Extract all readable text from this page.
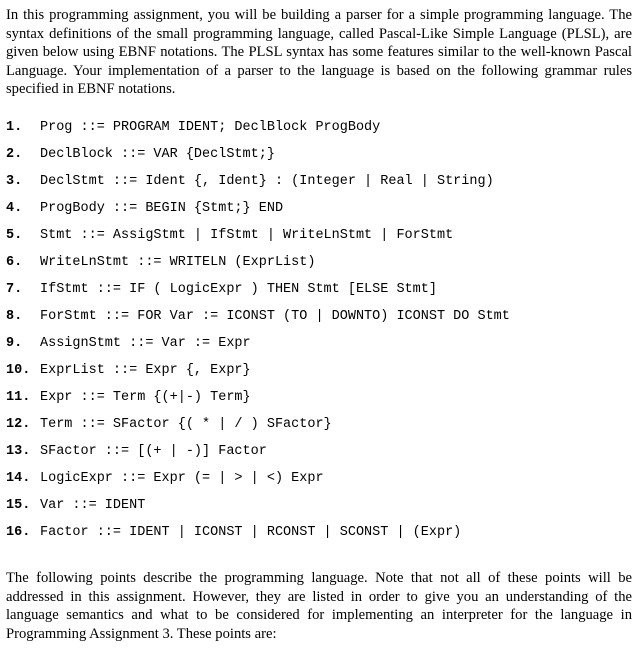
In this programming assignment, you will be building a parser for a simple programming language. The syntax definitions of the small programming language, called Pascal-Like Simple Language (PLSL), are given below using EBNF notations. The PLSL syntax has some features similar to the well-known Pascal Language. Your implementation of a parser to the language is based on the following grammar rules specified in EBNF notations.

1. Prog ::= PROGRAM IDENT; DeclBlock ProgBody
2. DeclBlock ::= VAR {DeclStmt;}
3. DeclStmt ::= Ident {, Ident} : (Integer | Real | String)
4. ProgBody ::= BEGIN {Stmt;} END
5. Stmt ::= AssigStmt | IfStmt | WriteLnStmt | ForStmt
6. WriteLnStmt ::= WRITELN (ExprList)
7. IfStmt ::= IF ( LogicExpr ) THEN Stmt [ELSE Stmt]
8. ForStmt ::= FOR Var := ICONST (TO | DOWNTO) ICONST DO Stmt
9. AssignStmt ::= Var := Expr
10. ExprList ::= Expr {, Expr}
11. Expr ::= Term {(+|-) Term}
12. Term ::= SFactor {( * | / ) SFactor}
13. SFactor ::= [(+ | -)] Factor
14. LogicExpr ::= Expr (= | > | <) Expr
15. Var ::= IDENT
16. Factor ::= IDENT | ICONST | RCONST | SCONST | (Expr)

The following points describe the programming language. Note that not all of these points will be addressed in this assignment. However, they are listed in order to give you an understanding of the language semantics and what to be considered for implementing an interpreter for the language in Programming Assignment 3. These points are:
